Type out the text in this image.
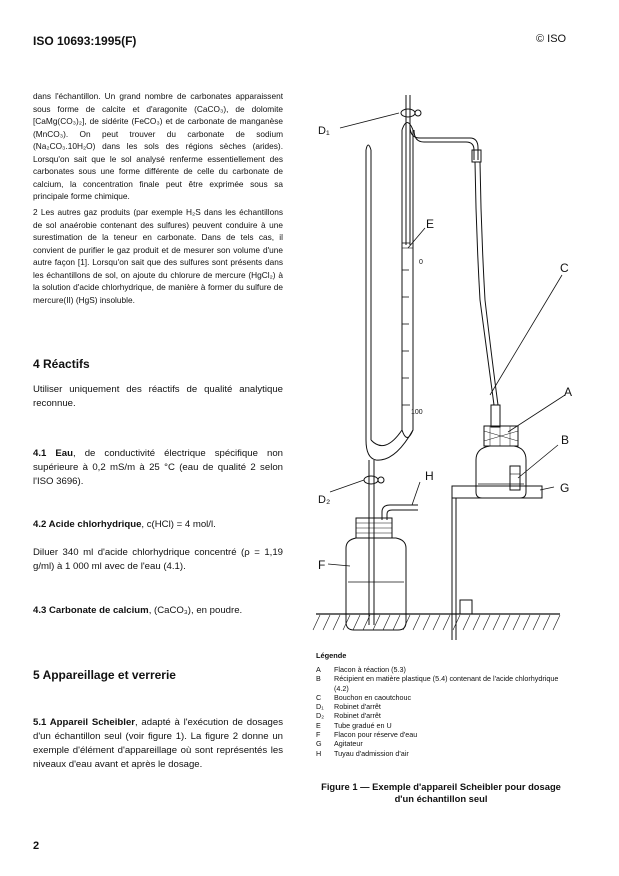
ISO 10693:1995(F)	© ISO

dans l'échantillon. Un grand nombre de carbonates apparaissent sous forme de calcite et d'aragonite (CaCO₃), de dolomite [CaMg(CO₃)₂], de sidérite (FeCO₃) et de carbonate de manganèse (MnCO₃). On peut trouver du carbonate de sodium (Na₂CO₃.10H₂O) dans les sols des régions sèches (arides). Lorsqu'on sait que le sol analysé renferme essentiellement des carbonates sous une forme différente de celle du carbonate de calcium, la concentration finale peut être exprimée sous sa principale forme chimique.

2 Les autres gaz produits (par exemple H₂S dans les échantillons de sol anaérobie contenant des sulfures) peuvent conduire à une surestimation de la teneur en carbonate. Dans de tels cas, il convient de purifier le gaz produit et de mesurer son volume d'une autre façon [1]. Lorsqu'on sait que des sulfures sont présents dans les échantillons de sol, on ajoute du chlorure de mercure (HgCl₂) à la solution d'acide chlorhydrique, de manière à former du sulfure de mercure(II) (HgS) insoluble.

4 Réactifs

Utiliser uniquement des réactifs de qualité analytique reconnue.

4.1 Eau, de conductivité électrique spécifique non supérieure à 0,2 mS/m à 25 °C (eau de qualité 2 selon l'ISO 3696).

4.2 Acide chlorhydrique, c(HCl) = 4 mol/l.

Diluer 340 ml d'acide chlorhydrique concentré (ρ = 1,19 g/ml) à 1 000 ml avec de l'eau (4.1).

4.3 Carbonate de calcium, (CaCO₃), en poudre.

5 Appareillage et verrerie

5.1 Appareil Scheibler, adapté à l'exécution de dosages d'un échantillon seul (voir figure 1). La figure 2 donne un exemple d'élément d'appareillage où sont représentés les niveaux d'eau avant et après le dosage.

D₁
E
0
100
C
A
B
G
H
D₂
F
Légende
A	Flacon à réaction (5.3)
B	Récipient en matière plastique (5.4) contenant de l'acide chlorhydrique (4.2)
C	Bouchon en caoutchouc
D₁	Robinet d'arrêt
D₂	Robinet d'arrêt
E	Tube gradué en U
F	Flacon pour réserve d'eau
G	Agitateur
H	Tuyau d'admission d'air
Figure 1 — Exemple d'appareil Scheibler pour dosage d'un échantillon seul
2
